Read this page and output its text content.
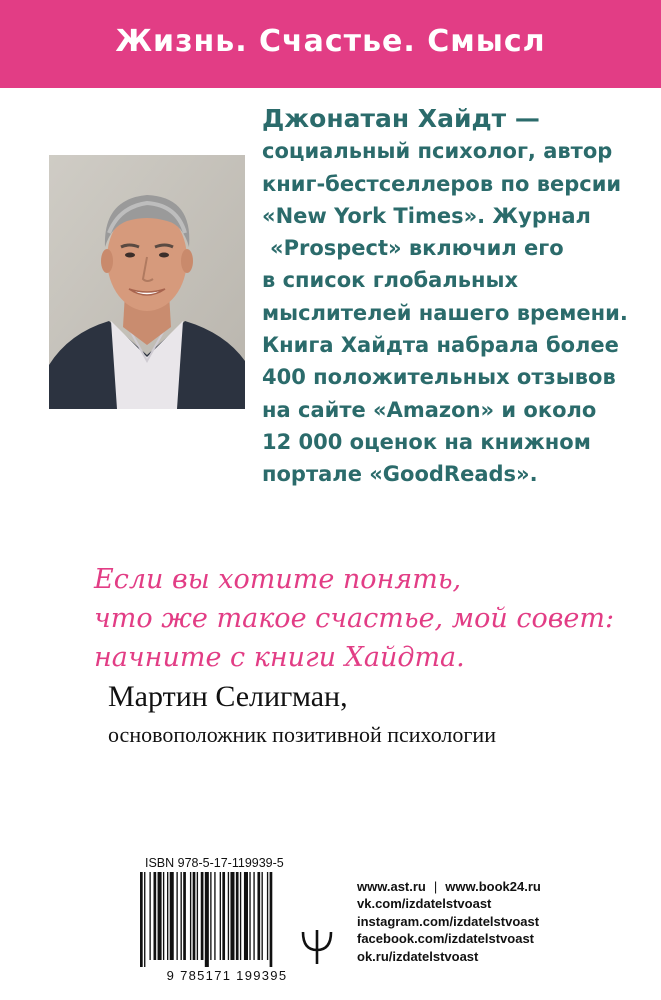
Жизнь. Счастье. Смысл
Джонатан Хайдт —
социальный психолог, автор
книг-бестселлеров по версии
«New York Times». Журнал
«Prospect» включил его
в список глобальных
мыслителей нашего времени.
Книга Хайдта набрала более
400 положительных отзывов
на сайте «Amazon» и около
12 000 оценок на книжном
портале «GoodReads».
Если вы хотите понять,
что же такое счастье, мой совет:
начните с книги Хайдта.
Мартин Селигман,
основоположник позитивной психологии
ISBN 978-5-17-119939-5
9 785171 199395
www.ast.ru | www.book24.ru
vk.com/izdatelstvoast
instagram.com/izdatelstvoast
facebook.com/izdatelstvoast
ok.ru/izdatelstvoast
